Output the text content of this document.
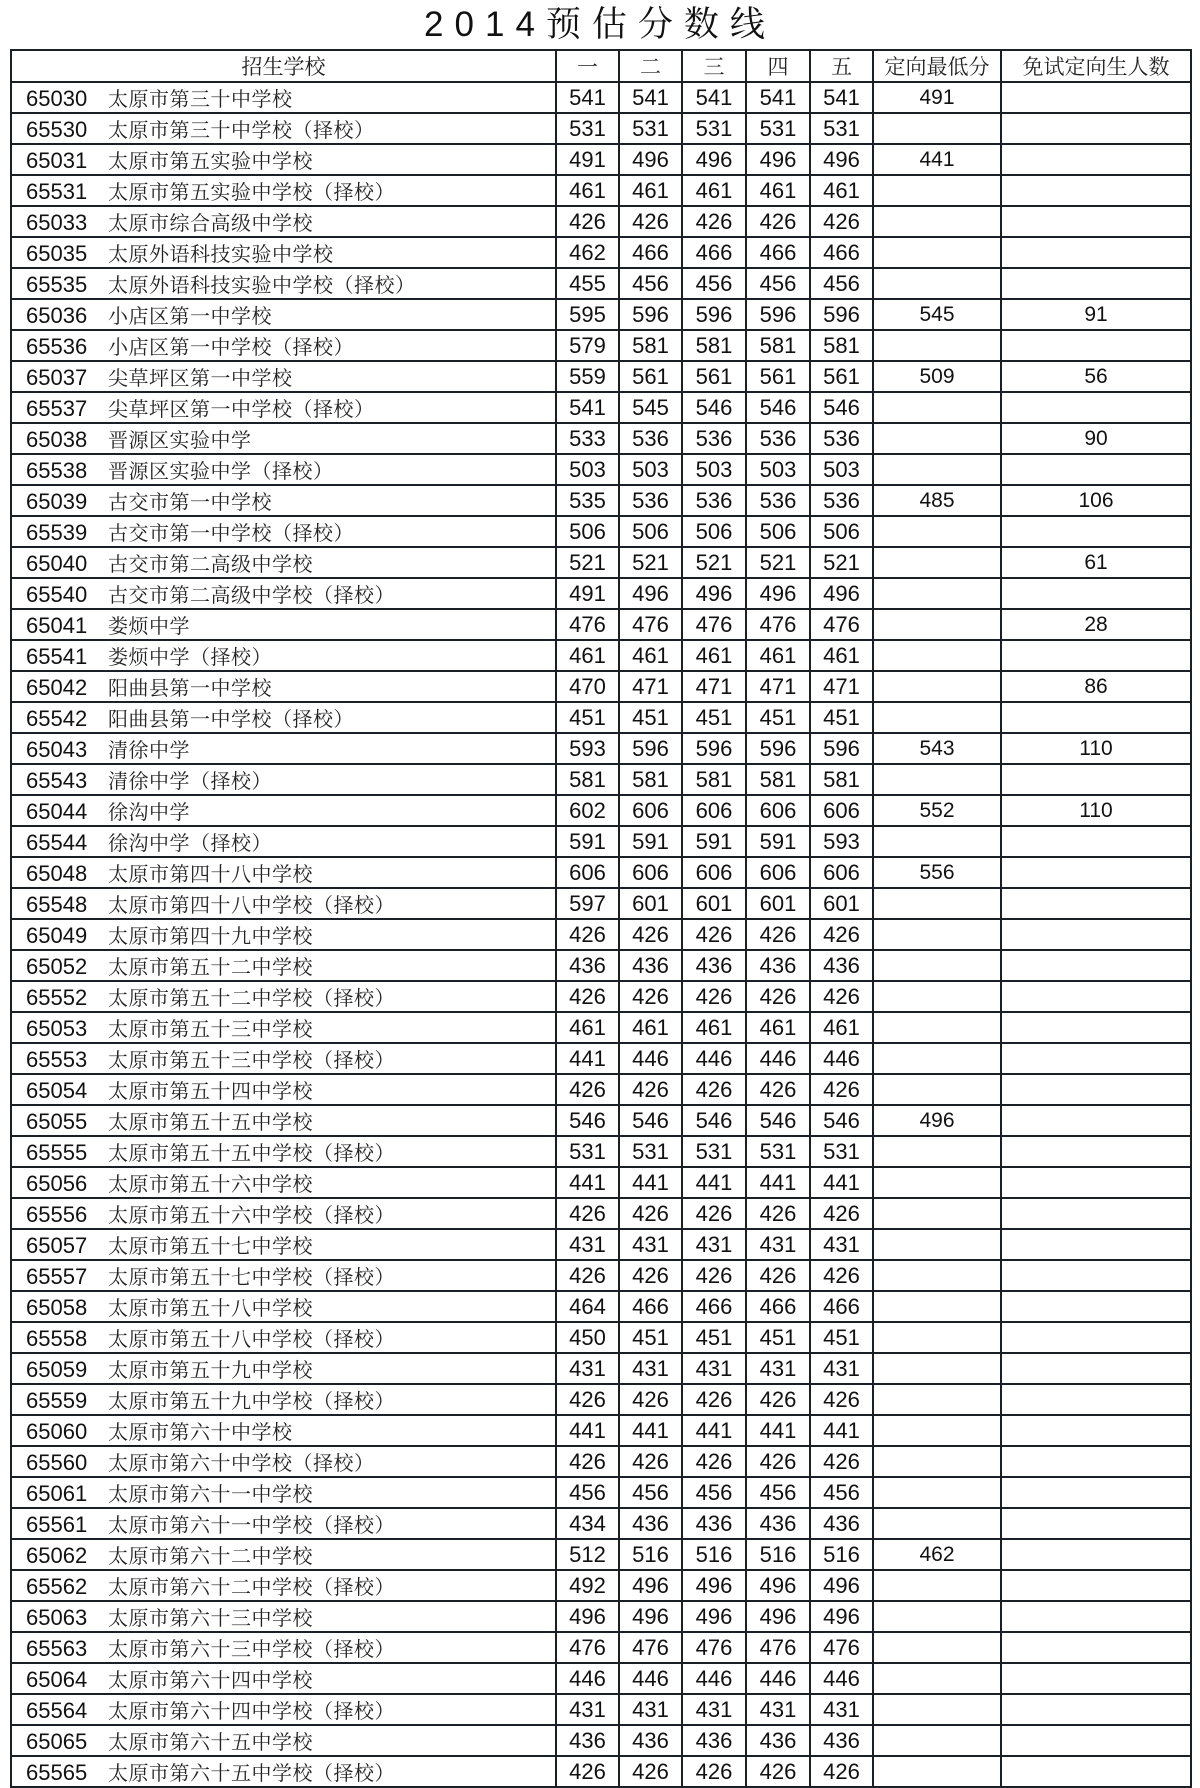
2014预估分数线
招生学校	一	二	三	四	五	定向最低分	免试定向生人数
65030 太原市第三十中学校	541	541	541	541	541	491	
65530 太原市第三十中学校（择校）	531	531	531	531	531		
65031 太原市第五实验中学校	491	496	496	496	496	441	
65531 太原市第五实验中学校（择校）	461	461	461	461	461		
65033 太原市综合高级中学校	426	426	426	426	426		
65035 太原外语科技实验中学校	462	466	466	466	466		
65535 太原外语科技实验中学校（择校）	455	456	456	456	456		
65036 小店区第一中学校	595	596	596	596	596	545	91
65536 小店区第一中学校（择校）	579	581	581	581	581		
65037 尖草坪区第一中学校	559	561	561	561	561	509	56
65537 尖草坪区第一中学校（择校）	541	545	546	546	546		
65038 晋源区实验中学	533	536	536	536	536		90
65538 晋源区实验中学（择校）	503	503	503	503	503		
65039 古交市第一中学校	535	536	536	536	536	485	106
65539 古交市第一中学校（择校）	506	506	506	506	506		
65040 古交市第二高级中学校	521	521	521	521	521		61
65540 古交市第二高级中学校（择校）	491	496	496	496	496		
65041 娄烦中学	476	476	476	476	476		28
65541 娄烦中学（择校）	461	461	461	461	461		
65042 阳曲县第一中学校	470	471	471	471	471		86
65542 阳曲县第一中学校（择校）	451	451	451	451	451		
65043 清徐中学	593	596	596	596	596	543	110
65543 清徐中学（择校）	581	581	581	581	581		
65044 徐沟中学	602	606	606	606	606	552	110
65544 徐沟中学（择校）	591	591	591	591	593		
65048 太原市第四十八中学校	606	606	606	606	606	556	
65548 太原市第四十八中学校（择校）	597	601	601	601	601		
65049 太原市第四十九中学校	426	426	426	426	426		
65052 太原市第五十二中学校	436	436	436	436	436		
65552 太原市第五十二中学校（择校）	426	426	426	426	426		
65053 太原市第五十三中学校	461	461	461	461	461		
65553 太原市第五十三中学校（择校）	441	446	446	446	446		
65054 太原市第五十四中学校	426	426	426	426	426		
65055 太原市第五十五中学校	546	546	546	546	546	496	
65555 太原市第五十五中学校（择校）	531	531	531	531	531		
65056 太原市第五十六中学校	441	441	441	441	441		
65556 太原市第五十六中学校（择校）	426	426	426	426	426		
65057 太原市第五十七中学校	431	431	431	431	431		
65557 太原市第五十七中学校（择校）	426	426	426	426	426		
65058 太原市第五十八中学校	464	466	466	466	466		
65558 太原市第五十八中学校（择校）	450	451	451	451	451		
65059 太原市第五十九中学校	431	431	431	431	431		
65559 太原市第五十九中学校（择校）	426	426	426	426	426		
65060 太原市第六十中学校	441	441	441	441	441		
65560 太原市第六十中学校（择校）	426	426	426	426	426		
65061 太原市第六十一中学校	456	456	456	456	456		
65561 太原市第六十一中学校（择校）	434	436	436	436	436		
65062 太原市第六十二中学校	512	516	516	516	516	462	
65562 太原市第六十二中学校（择校）	492	496	496	496	496		
65063 太原市第六十三中学校	496	496	496	496	496		
65563 太原市第六十三中学校（择校）	476	476	476	476	476		
65064 太原市第六十四中学校	446	446	446	446	446		
65564 太原市第六十四中学校（择校）	431	431	431	431	431		
65065 太原市第六十五中学校	436	436	436	436	436		
65565 太原市第六十五中学校（择校）	426	426	426	426	426		
